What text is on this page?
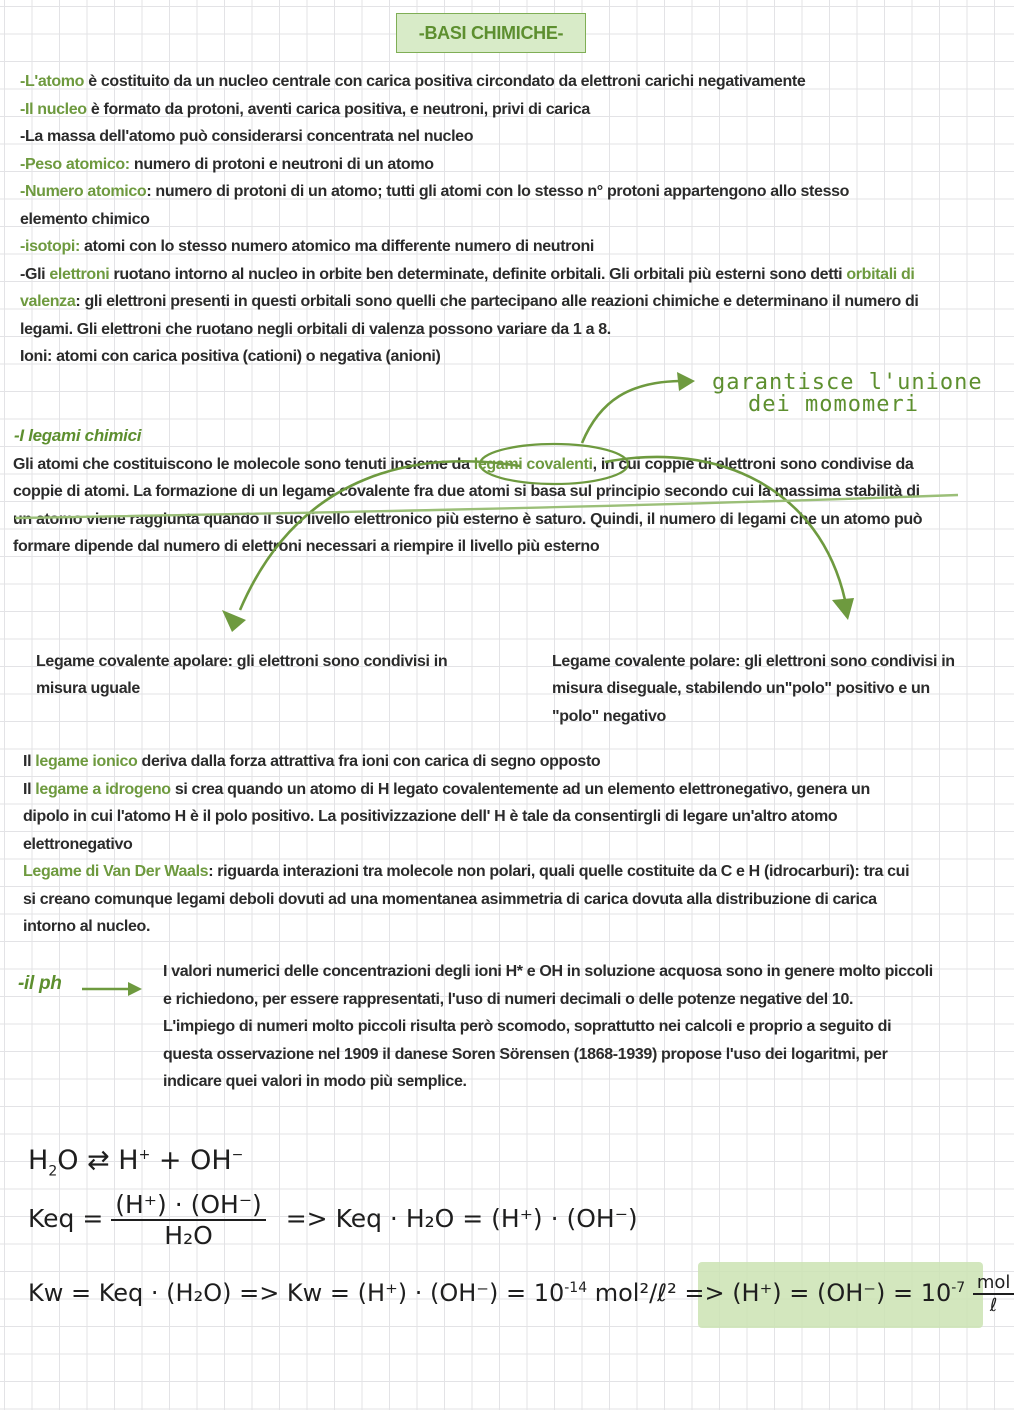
-BASI CHIMICHE-
-L'atomo è costituito da un nucleo centrale con carica positiva circondato da elettroni carichi negativamente
-Il nucleo è formato da protoni, aventi carica positiva, e neutroni, privi di carica
-La massa dell'atomo può considerarsi concentrata nel nucleo
-Peso atomico: numero di protoni e neutroni di un atomo
-Numero atomico: numero di protoni di un atomo; tutti gli atomi con lo stesso n° protoni appartengono allo stesso
elemento chimico
-isotopi: atomi con lo stesso numero atomico ma differente numero di neutroni
-Gli elettroni ruotano intorno al nucleo in orbite ben determinate, definite orbitali. Gli orbitali più esterni sono detti orbitali di
valenza: gli elettroni presenti in questi orbitali sono quelli che partecipano alle reazioni chimiche e determinano il numero di
legami. Gli elettroni che ruotano negli orbitali di valenza possono variare da 1 a 8.
Ioni: atomi con carica positiva (cationi) o negativa (anioni)
garantisce l'unione
dei momomeri
-I legami chimici
Gli atomi che costituiscono le molecole sono tenuti insieme da legami covalenti, in cui coppie di elettroni sono condivise da
coppie di atomi. La formazione di un legame covalente fra due atomi si basa sul principio secondo cui la massima stabilità di
un atomo viene raggiunta quando il suo livello elettronico più esterno è saturo. Quindi, il numero di legami che un atomo può
formare dipende dal numero di elettroni necessari a riempire il livello più esterno
Legame covalente apolare: gli elettroni sono condivisi in
misura uguale
Legame covalente polare: gli elettroni sono condivisi in
misura diseguale, stabilendo un"polo" positivo e un
"polo" negativo
Il legame ionico deriva dalla forza attrattiva fra ioni con carica di segno opposto
Il legame a idrogeno si crea quando un atomo di H legato covalentemente ad un elemento elettronegativo, genera un
dipolo in cui l'atomo H è il polo positivo. La positivizzazione dell' H è tale da consentirgli di legare un'altro atomo
elettronegativo
Legame di Van Der Waals: riguarda interazioni tra molecole non polari, quali quelle costituite da C e H (idrocarburi): tra cui
si creano comunque legami deboli dovuti ad una momentanea asimmetria di carica dovuta alla distribuzione di carica
intorno al nucleo.
-il ph
I valori numerici delle concentrazioni degli ioni H* e OH in soluzione acquosa sono in genere molto piccoli
e richiedono, per essere rappresentati, l'uso di numeri decimali o delle potenze negative del 10.
L'impiego di numeri molto piccoli risulta però scomodo, soprattutto nei calcoli e proprio a seguito di
questa osservazione nel 1909 il danese Soren Sörensen (1868-1939) propose l'uso dei logaritmi, per
indicare quei valori in modo più semplice.
$H_2O$ ⇄ H+ + OH−
Keq = $\frac{(H^+) \cdot (OH^-)}{\text{H₂O}}$ => Keq · H₂O = (H⁺) · (OH⁻)
Kw = Keq · $(H_2O) => Kw = (H^+) \cdot (OH^-) = 10^{-14}$ mol²/ℓ² => $(H^+) = (OH^-) = 10^{-7} \frac{\text{mol}}{\text{ℓ}}$
